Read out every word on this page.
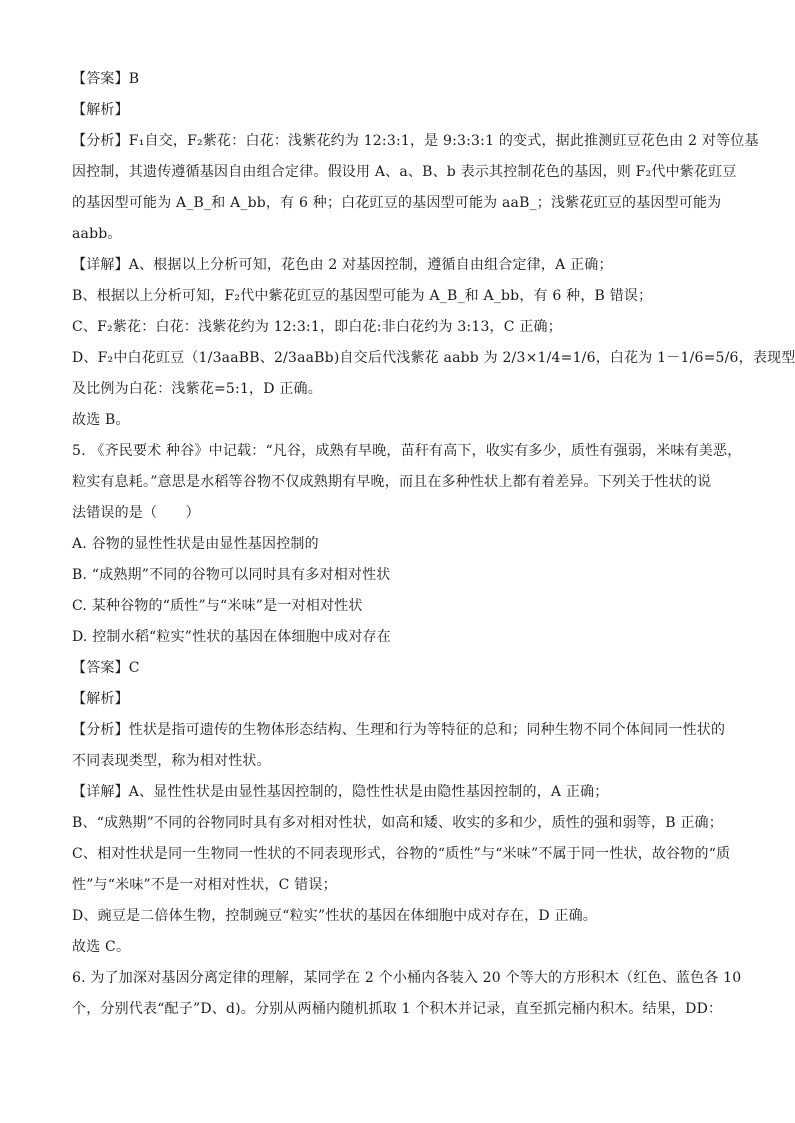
【答案】B
【解析】
【分析】F₁自交，F₂紫花：白花：浅紫花约为 12:3:1，是 9:3:3:1 的变式，据此推测豇豆花色由 2 对等位基
因控制，其遗传遵循基因自由组合定律。假设用 A、a、B、b 表示其控制花色的基因，则 F₂代中紫花豇豆
的基因型可能为 A_B_和 A_bb，有 6 种；白花豇豆的基因型可能为 aaB_；浅紫花豇豆的基因型可能为
aabb。
【详解】A、根据以上分析可知，花色由 2 对基因控制，遵循自由组合定律，A 正确；
B、根据以上分析可知，F₂代中紫花豇豆的基因型可能为 A_B_和 A_bb，有 6 种，B 错误；
C、F₂紫花：白花：浅紫花约为 12:3:1，即白花:非白花约为 3:13，C 正确；
D、F₂中白花豇豆（1/3aaBB、2/3aaBb)自交后代浅紫花 aabb 为 2/3×1/4=1/6，白花为 1－1/6=5/6，表现型
及比例为白花：浅紫花=5:1，D 正确。
故选 B。
5. 《齐民要术 种谷》中记载：“凡谷，成熟有早晚，苗秆有高下，收实有多少，质性有强弱，米味有美恶，
粒实有息耗。”意思是水稻等谷物不仅成熟期有早晚，而且在多种性状上都有着差异。下列关于性状的说
法错误的是（　　）
A. 谷物的显性性状是由显性基因控制的
B. “成熟期”不同的谷物可以同时具有多对相对性状
C. 某种谷物的“质性”与“米味”是一对相对性状
D. 控制水稻“粒实”性状的基因在体细胞中成对存在
【答案】C
【解析】
【分析】性状是指可遗传的生物体形态结构、生理和行为等特征的总和；同种生物不同个体间同一性状的
不同表现类型，称为相对性状。
【详解】A、显性性状是由显性基因控制的，隐性性状是由隐性基因控制的，A 正确；
B、“成熟期”不同的谷物同时具有多对相对性状，如高和矮、收实的多和少，质性的强和弱等，B 正确；
C、相对性状是同一生物同一性状的不同表现形式，谷物的“质性”与“米味”不属于同一性状，故谷物的“质
性”与“米味”不是一对相对性状，C 错误；
D、豌豆是二倍体生物，控制豌豆“粒实”性状的基因在体细胞中成对存在，D 正确。
故选 C。
6. 为了加深对基因分离定律的理解，某同学在 2 个小桶内各装入 20 个等大的方形积木（红色、蓝色各 10
个，分别代表“配子”D、d)。分别从两桶内随机抓取 1 个积木并记录，直至抓完桶内积木。结果，DD：
